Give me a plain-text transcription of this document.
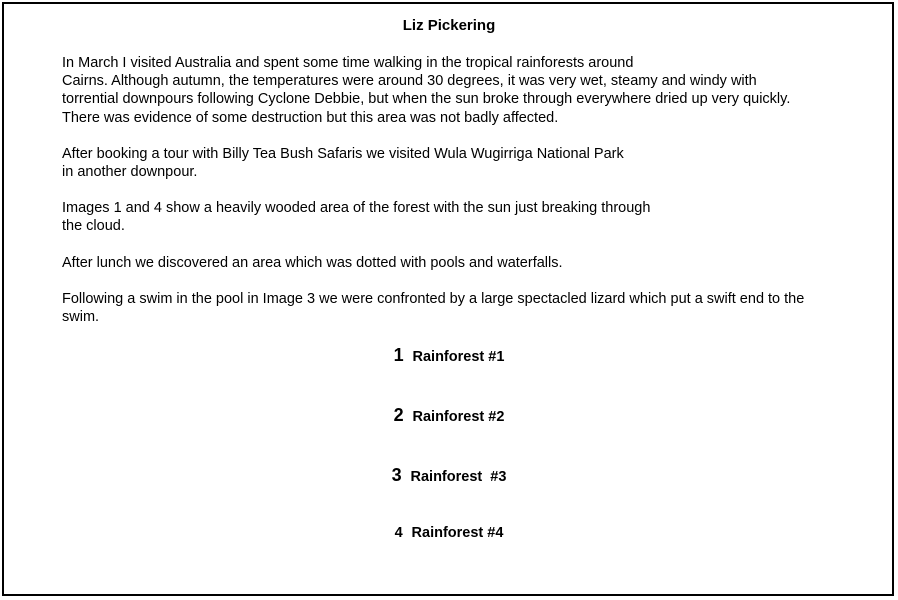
Liz Pickering

In March I visited Australia and spent some time walking in the tropical rainforests around
Cairns. Although autumn, the temperatures were around 30 degrees, it was very wet, steamy and windy with
torrential downpours following Cyclone Debbie, but when the sun broke through everywhere dried up very quickly.
There was evidence of some destruction but this area was not badly affected.

After booking a tour with Billy Tea Bush Safaris we visited Wula Wugirriga National Park
in another downpour.

Images 1 and 4 show a heavily wooded area of the forest with the sun just breaking through
the cloud.

After lunch we discovered an area which was dotted with pools and waterfalls.

Following a swim in the pool in Image 3 we were confronted by a large spectacled lizard which put a swift end to the
swim.

1 Rainforest #1
2 Rainforest #2
3 Rainforest  #3
4 Rainforest #4
